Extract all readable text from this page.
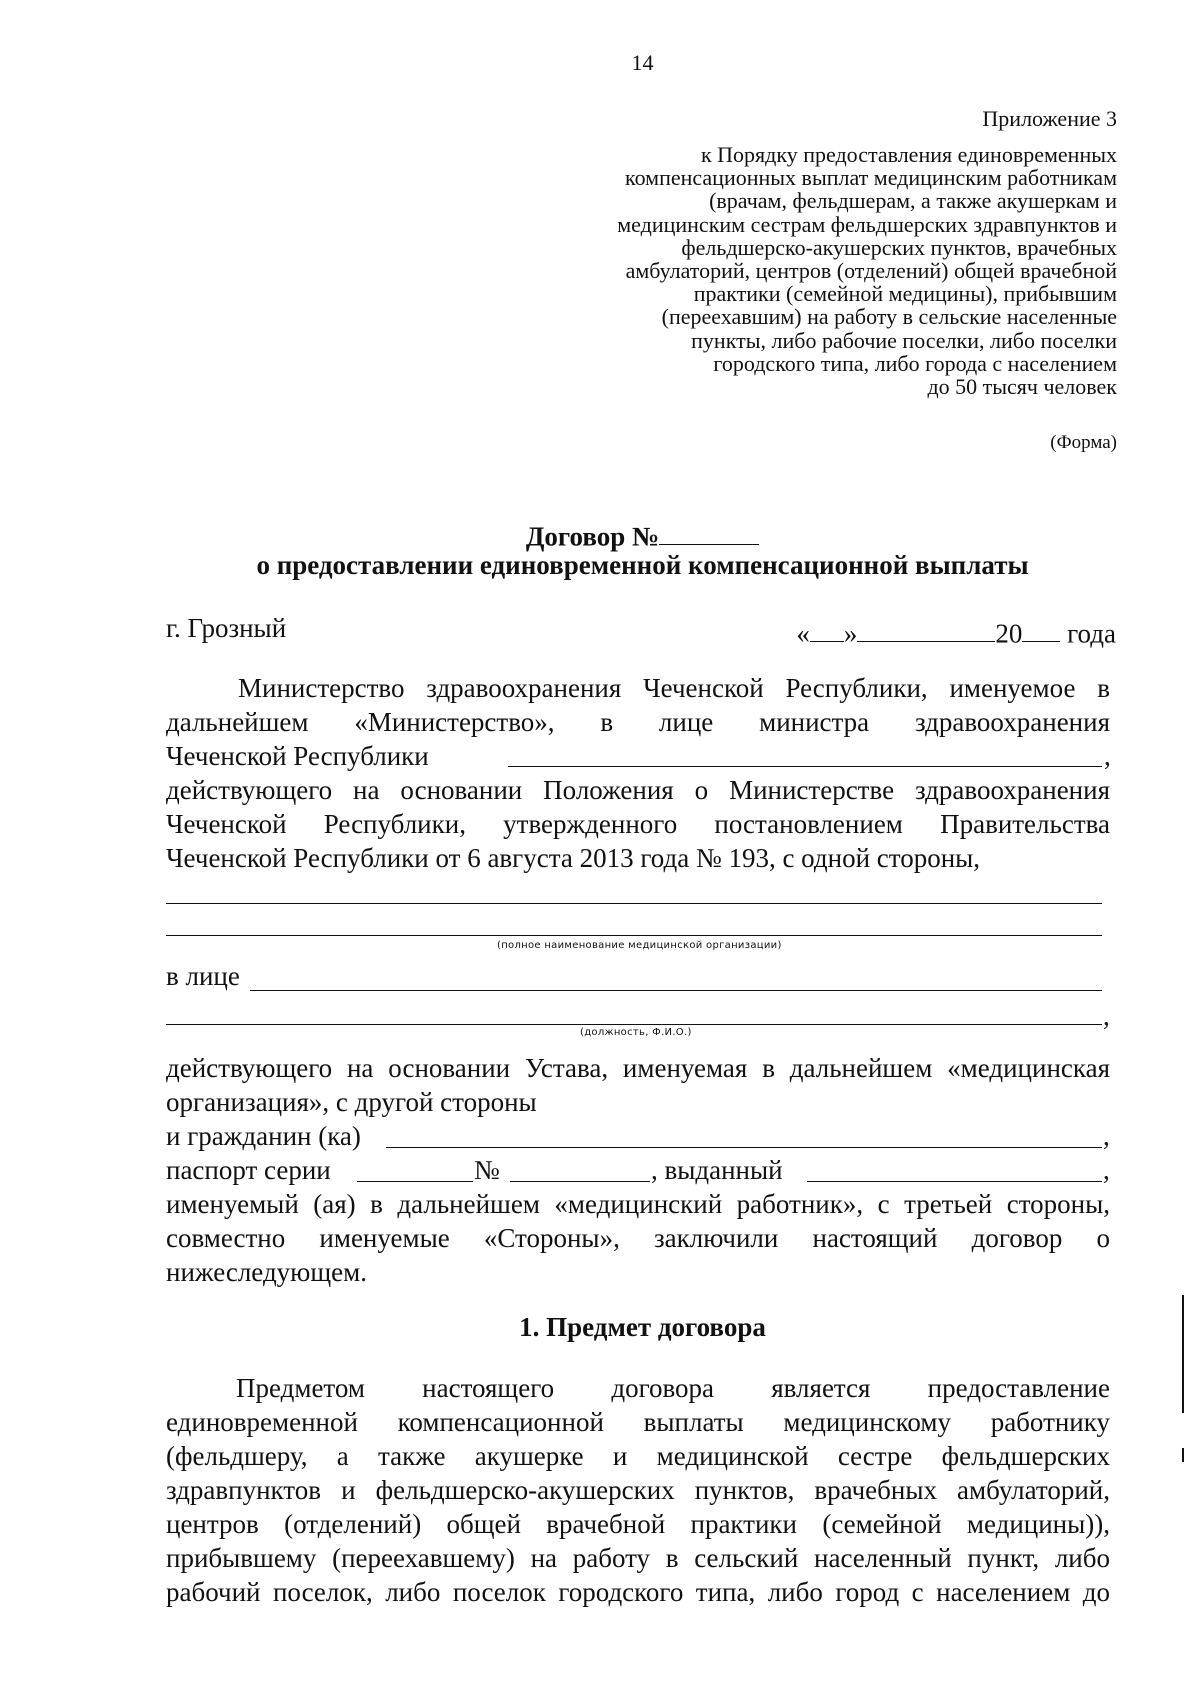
14
Приложение 3
к Порядку предоставления единовременных
компенсационных выплат медицинским работникам
(врачам, фельдшерам, а также акушеркам и
медицинским сестрам фельдшерских здравпунктов и
фельдшерско-акушерских пунктов, врачебных
амбулаторий, центров (отделений) общей врачебной
практики (семейной медицины), прибывшим
(переехавшим) на работу в сельские населенные
пункты, либо рабочие поселки, либо поселки
городского типа, либо города с населением
до 50 тысяч человек
(Форма)
Договор №
о предоставлении единовременной компенсационной выплаты
г. Грозный	« »	20 года
Министерство здравоохранения Чеченской Республики, именуемое в
дальнейшем «Министерство», в лице министра здравоохранения
Чеченской Республики	,
действующего на основании Положения о Министерстве здравоохранения
Чеченской Республики, утвержденного постановлением Правительства
Чеченской Республики от 6 августа 2013 года № 193, с одной стороны,
(полное наименование медицинской организации)
в лице
,
(должность, Ф.И.О.)
действующего на основании Устава, именуемая в дальнейшем «медицинская
организация», с другой стороны
и гражданин (ка)	,
паспорт серии	№	, выданный	,
именуемый (ая) в дальнейшем «медицинский работник», с третьей стороны,
совместно именуемые «Стороны», заключили настоящий договор о
нижеследующем.
1. Предмет договора
Предметом настоящего договора является предоставление
единовременной компенсационной выплаты медицинскому работнику
(фельдшеру, а также акушерке и медицинской сестре фельдшерских
здравпунктов и фельдшерско-акушерских пунктов, врачебных амбулаторий,
центров (отделений) общей врачебной практики (семейной медицины)),
прибывшему (переехавшему) на работу в сельский населенный пункт, либо
рабочий поселок, либо поселок городского типа, либо город с населением до
